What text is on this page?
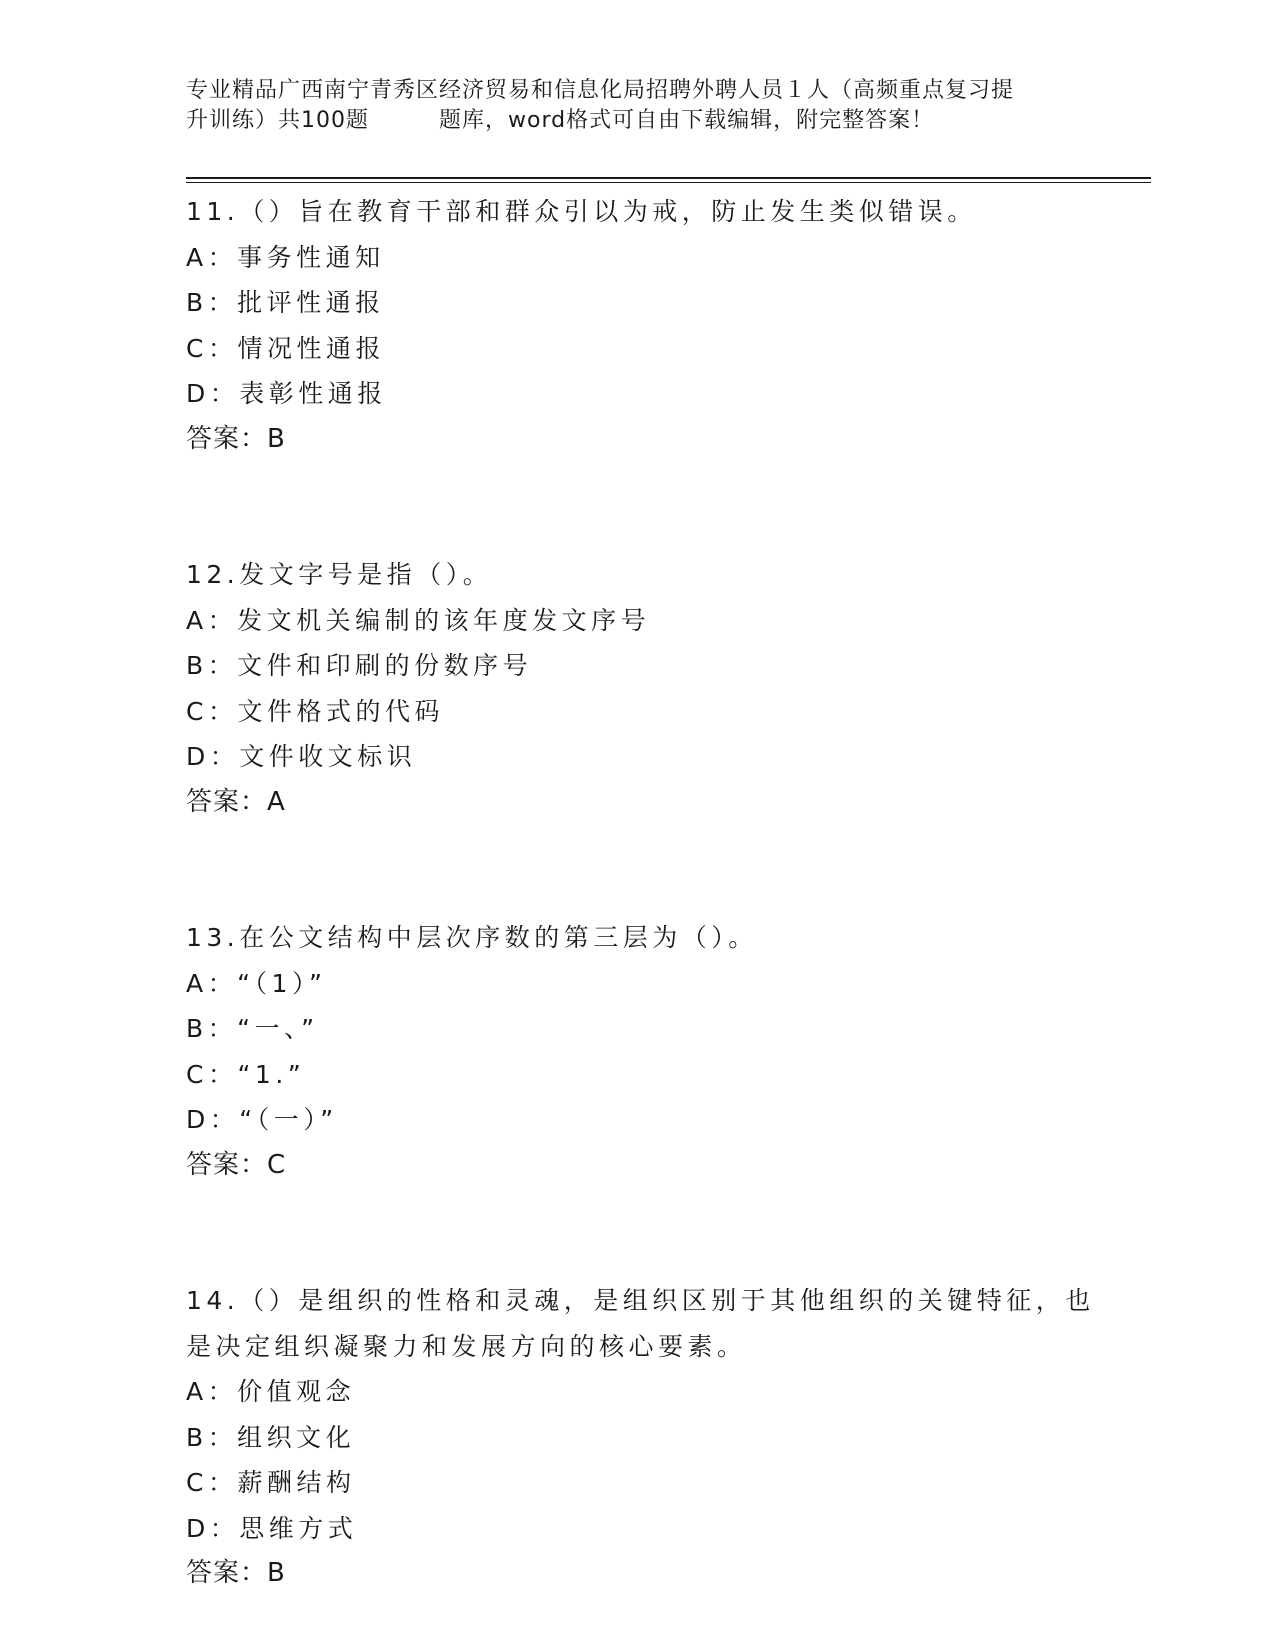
专业精品广西南宁青秀区经济贸易和信息化局招聘外聘人员１人（高频重点复习提
升训练）共100题	题库，word格式可自由下载编辑，附完整答案！
11.（）旨在教育干部和群众引以为戒，防止发生类似错误。
A：事务性通知
B：批评性通报
C：情况性通报
D：表彰性通报
答案：B
12.发文字号是指（）。
A：发文机关编制的该年度发文序号
B：文件和印刷的份数序号
C：文件格式的代码
D：文件收文标识
答案：A
13.在公文结构中层次序数的第三层为（）。
A：“（1）”
B：“一、”
C：“1.”
D：“（一）”
答案：C
14.（）是组织的性格和灵魂，是组织区别于其他组织的关键特征，也
是决定组织凝聚力和发展方向的核心要素。
A：价值观念
B：组织文化
C：薪酬结构
D：思维方式
答案：B
